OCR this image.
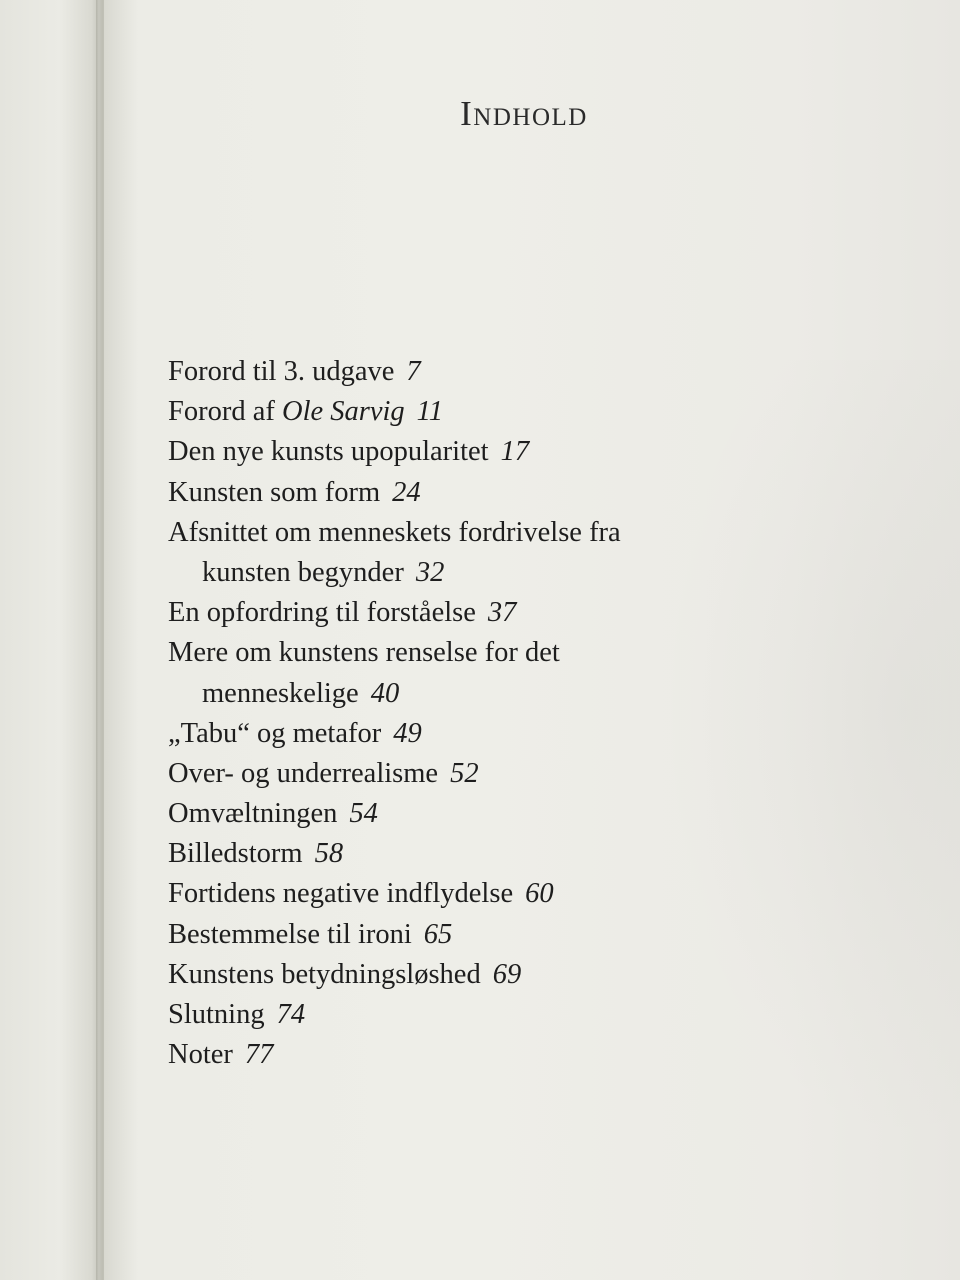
Indhold
Forord til 3. udgave 7
Forord af Ole Sarvig 11
Den nye kunsts upopularitet 17
Kunsten som form 24
Afsnittet om menneskets fordrivelse fra
kunsten begynder 32
En opfordring til forståelse 37
Mere om kunstens renselse for det
menneskelige 40
„Tabu“ og metafor 49
Over- og underrealisme 52
Omvæltningen 54
Billedstorm 58
Fortidens negative indflydelse 60
Bestemmelse til ironi 65
Kunstens betydningsløshed 69
Slutning 74
Noter 77
